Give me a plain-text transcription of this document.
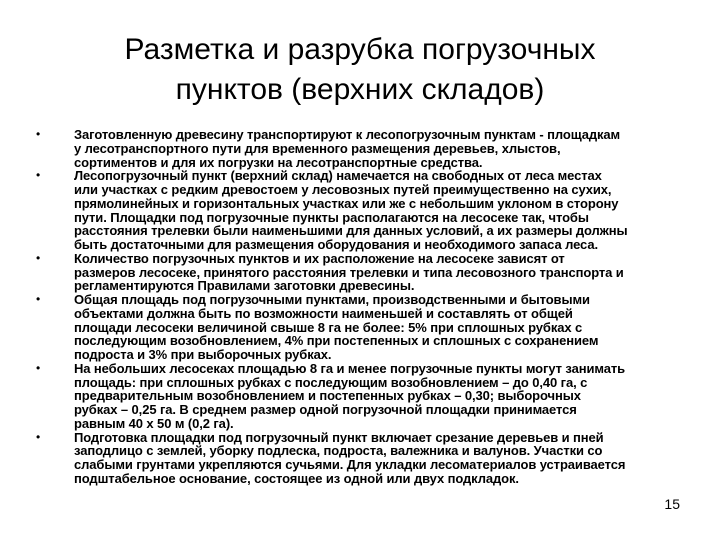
Разметка и разрубка погрузочных
пунктов (верхних складов)
•	Заготовленную древесину транспортируют к лесопогрузочным пунктам - площадкам
у лесотранспортного пути для временного размещения деревьев, хлыстов,
сортиментов и для их погрузки на лесотранспортные средства.
•	Лесопогрузочный пункт (верхний склад) намечается на свободных от леса местах
или участках с редким древостоем у лесовозных путей преимущественно на сухих,
прямолинейных и горизонтальных участках или же с небольшим уклоном в сторону
пути. Площадки под погрузочные пункты располагаются на лесосеке так, чтобы
расстояния трелевки были наименьшими для данных условий, а их размеры должны
быть достаточными для размещения оборудования и необходимого запаса леса.
•	Количество погрузочных пунктов и их расположение на лесосеке зависят от
размеров лесосеке, принятого расстояния трелевки и типа лесовозного транспорта и
регламентируются Правилами заготовки древесины.
•	Общая площадь под погрузочными пунктами, производственными и бытовыми
объектами должна быть по возможности наименьшей и составлять от общей
площади лесосеки величиной свыше 8 га не более: 5% при сплошных рубках с
последующим возобновлением, 4% при постепенных и сплошных с сохранением
подроста и 3% при выборочных рубках.
•	На небольших лесосеках площадью 8 га и менее погрузочные пункты могут занимать
площадь: при сплошных рубках с последующим возобновлением – до 0,40 га, с
предварительным возобновлением и постепенных рубках – 0,30; выборочных
рубках – 0,25 га. В среднем размер одной погрузочной площадки принимается
равным 40 х 50 м (0,2 га).
•	Подготовка площадки под погрузочный пункт включает срезание деревьев и пней
заподлицо с землей, уборку подлеска, подроста, валежника и валунов. Участки со
слабыми грунтами укрепляются сучьями. Для укладки лесоматериалов устраивается
подштабельное основание, состоящее из одной или двух подкладок.
15
